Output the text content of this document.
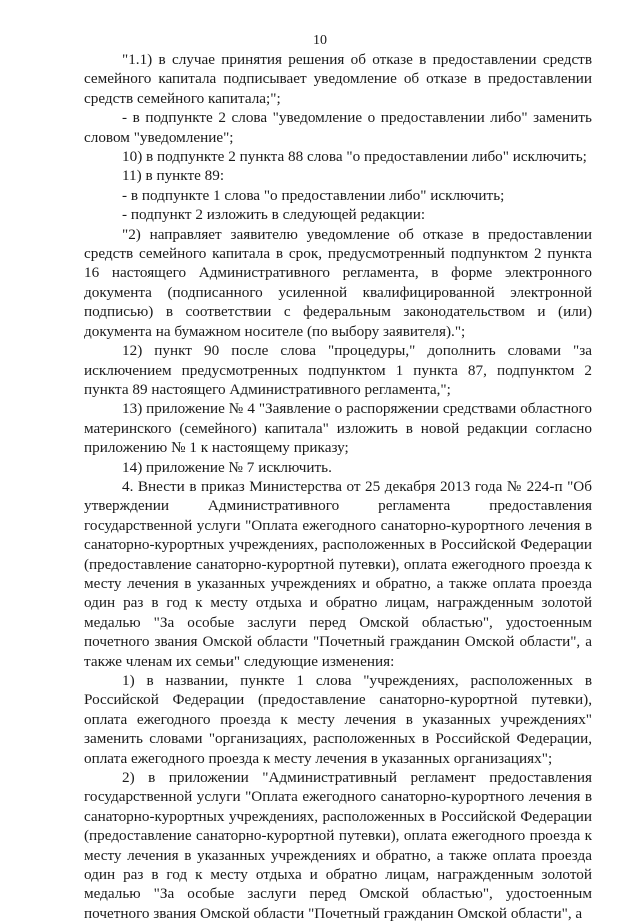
10

"1.1) в случае принятия решения об отказе в предоставлении средств семейного капитала подписывает уведомление об отказе в предоставлении средств семейного капитала;";

- в подпункте 2 слова "уведомление о предоставлении либо" заменить словом "уведомление";

10) в подпункте 2 пункта 88 слова "о предоставлении либо" исключить;

11) в пункте 89:

- в подпункте 1 слова "о предоставлении либо" исключить;

- подпункт 2 изложить в следующей редакции:

"2) направляет заявителю уведомление об отказе в предоставлении средств семейного капитала в срок, предусмотренный подпунктом 2 пункта 16 настоящего Административного регламента, в форме электронного документа (подписанного усиленной квалифицированной электронной подписью) в соответствии с федеральным законодательством и (или) документа на бумажном носителе (по выбору заявителя).";

12) пункт 90 после слова "процедуры," дополнить словами "за исключением предусмотренных подпунктом 1 пункта 87, подпунктом 2 пункта 89 настоящего Административного регламента,";

13) приложение № 4 "Заявление о распоряжении средствами областного материнского (семейного) капитала" изложить в новой редакции согласно приложению № 1 к настоящему приказу;

14) приложение № 7 исключить.

4. Внести в приказ Министерства от 25 декабря 2013 года № 224-п "Об утверждении Административного регламента предоставления государственной услуги "Оплата ежегодного санаторно-курортного лечения в санаторно-курортных учреждениях, расположенных в Российской Федерации (предоставление санаторно-курортной путевки), оплата ежегодного проезда к месту лечения в указанных учреждениях и обратно, а также оплата проезда один раз в год к месту отдыха и обратно лицам, награжденным золотой медалью "За особые заслуги перед Омской областью", удостоенным почетного звания Омской области "Почетный гражданин Омской области", а также членам их семьи" следующие изменения:

1) в названии, пункте 1 слова "учреждениях, расположенных в Российской Федерации (предоставление санаторно-курортной путевки), оплата ежегодного проезда к месту лечения в указанных учреждениях" заменить словами "организациях, расположенных в Российской Федерации, оплата ежегодного проезда к месту лечения в указанных организациях";

2) в приложении "Административный регламент предоставления государственной услуги "Оплата ежегодного санаторно-курортного лечения в санаторно-курортных учреждениях, расположенных в Российской Федерации (предоставление санаторно-курортной путевки), оплата ежегодного проезда к месту лечения в указанных учреждениях и обратно, а также оплата проезда один раз в год к месту отдыха и обратно лицам, награжденным золотой медалью "За особые заслуги перед Омской областью", удостоенным почетного звания Омской области "Почетный гражданин Омской области", а
